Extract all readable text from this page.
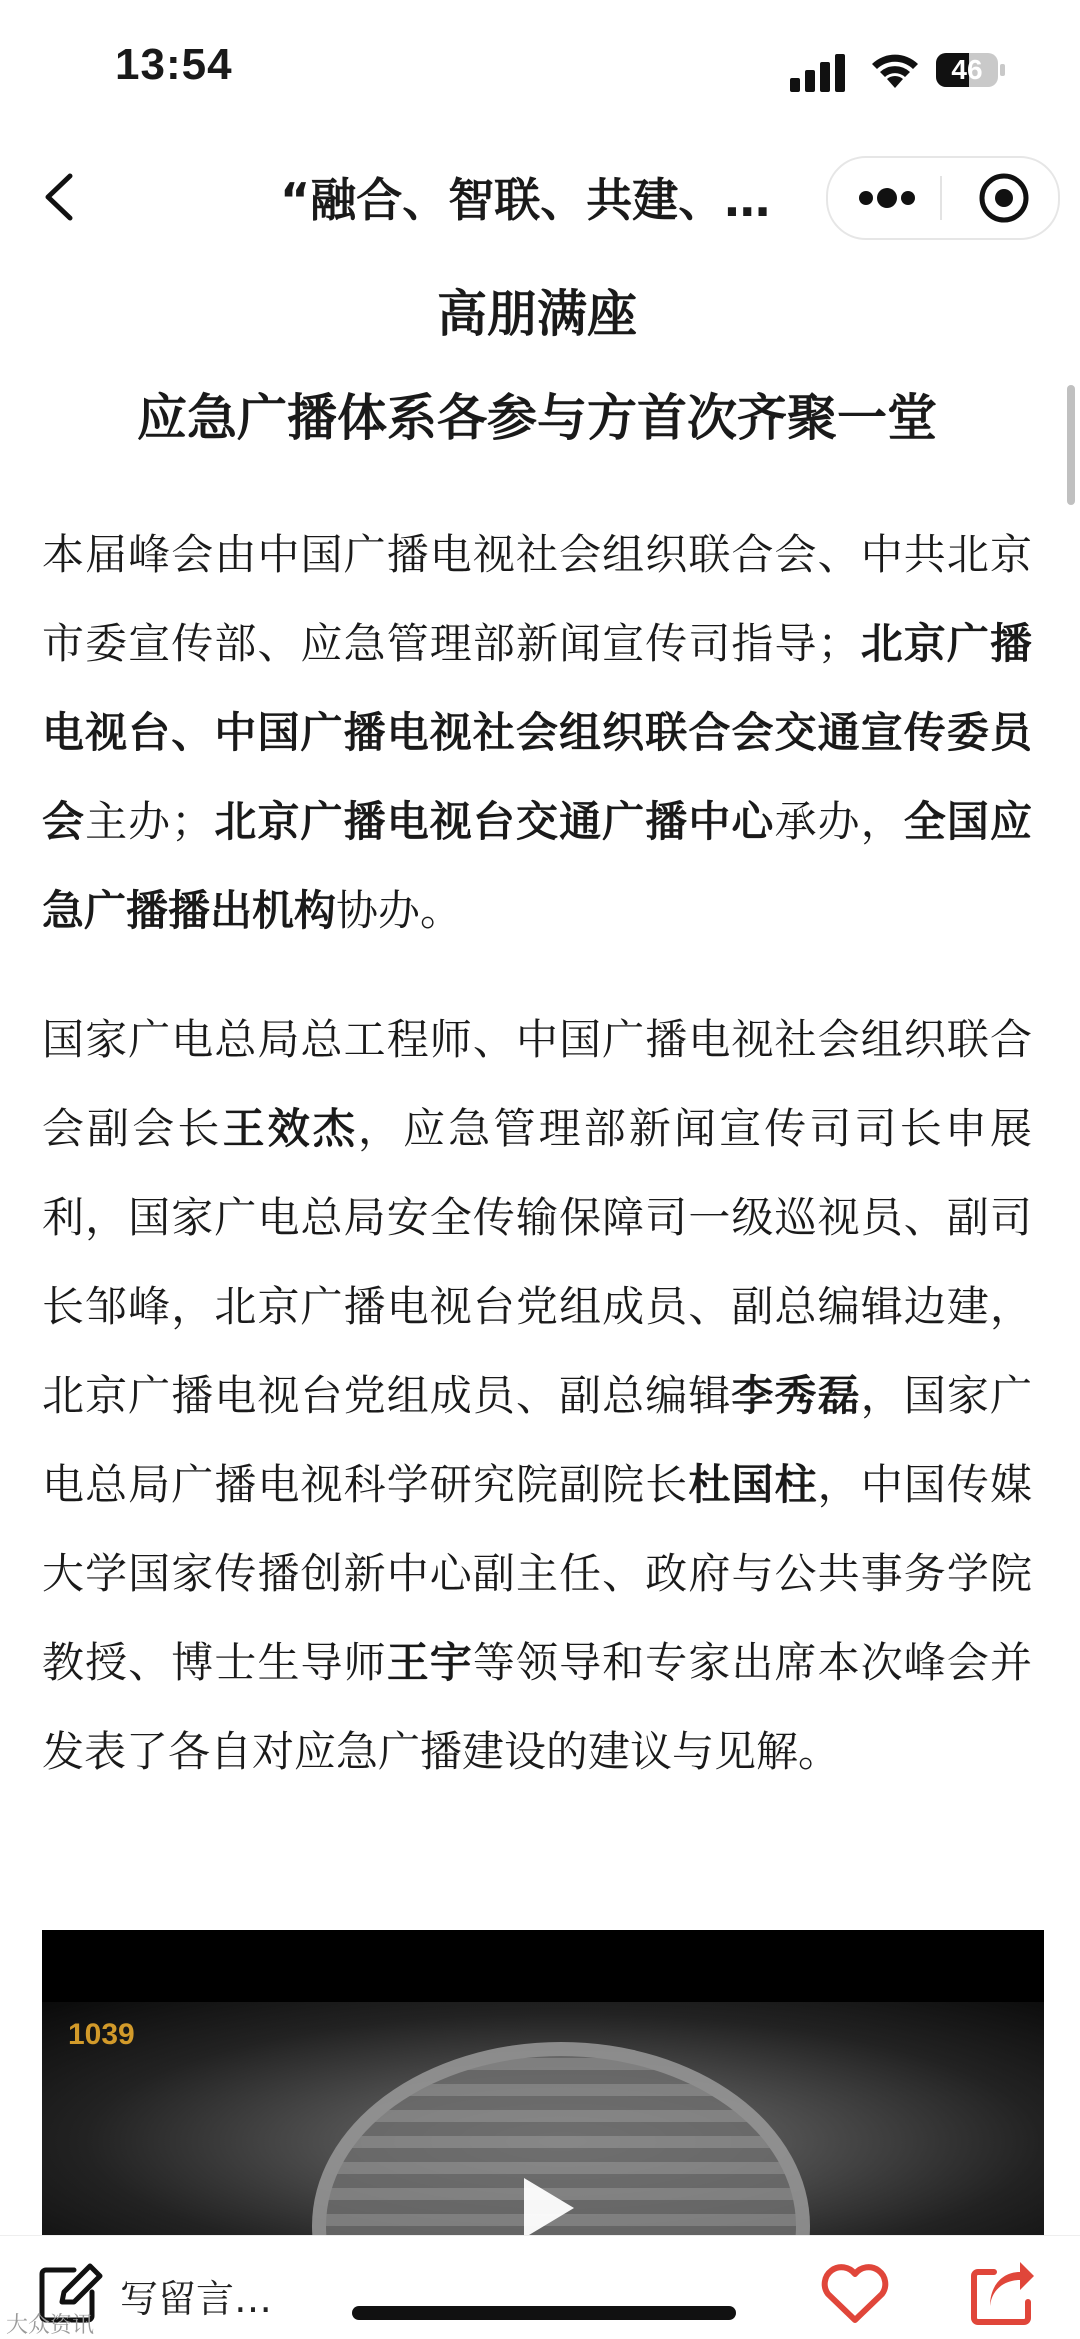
13:54	46
“融合、智联、共建、…
高朋满座
应急广播体系各参与方首次齐聚一堂

本届峰会由中国广播电视社会组织联合会、中共北京市委宣传部、应急管理部新闻宣传司指导；北京广播电视台、中国广播电视社会组织联合会交通宣传委员会主办；北京广播电视台交通广播中心承办，全国应急广播播出机构协办。

国家广电总局总工程师、中国广播电视社会组织联合会副会长王效杰，应急管理部新闻宣传司司长申展利，国家广电总局安全传输保障司一级巡视员、副司长邹峰，北京广播电视台党组成员、副总编辑边建，北京广播电视台党组成员、副总编辑李秀磊，国家广电总局广播电视科学研究院副院长杜国柱，中国传媒大学国家传播创新中心副主任、政府与公共事务学院教授、博士生导师王宇等领导和专家出席本次峰会并发表了各自对应急广播建设的建议与见解。

1039
写留言…
大众资讯
